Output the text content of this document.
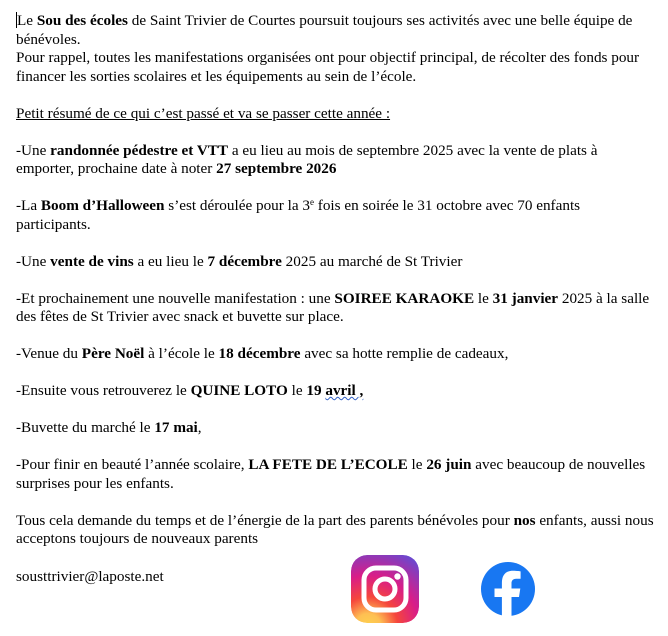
Le Sou des écoles de Saint Trivier de Courtes poursuit toujours ses activités avec une belle équipe de bénévoles.

Pour rappel, toutes les manifestations organisées ont pour objectif principal, de récolter des fonds pour financer les sorties scolaires et les équipements au sein de l’école.

Petit résumé de ce qui c’est passé et va se passer cette année :

-Une randonnée pédestre et VTT a eu lieu au mois de septembre 2025 avec la vente de plats à emporter, prochaine date à noter 27 septembre 2026

-La Boom d’Halloween s’est déroulée pour la 3e fois en soirée le 31 octobre avec 70 enfants participants.

-Une vente de vins a eu lieu le 7 décembre 2025 au marché de St Trivier

-Et prochainement une nouvelle manifestation : une SOIREE KARAOKE le 31 janvier 2025 à la salle des fêtes de St Trivier avec snack et buvette sur place.

-Venue du Père Noël à l’école le 18 décembre avec sa hotte remplie de cadeaux,

-Ensuite vous retrouverez le QUINE LOTO le 19 avril ,

-Buvette du marché le 17 mai,

-Pour finir en beauté l’année scolaire, LA FETE DE L’ECOLE le 26 juin avec beaucoup de nouvelles surprises pour les enfants.

Tous cela demande du temps et de l’énergie de la part des parents bénévoles pour nos enfants, aussi nous acceptons toujours de nouveaux parents

sousttrivier@laposte.net
